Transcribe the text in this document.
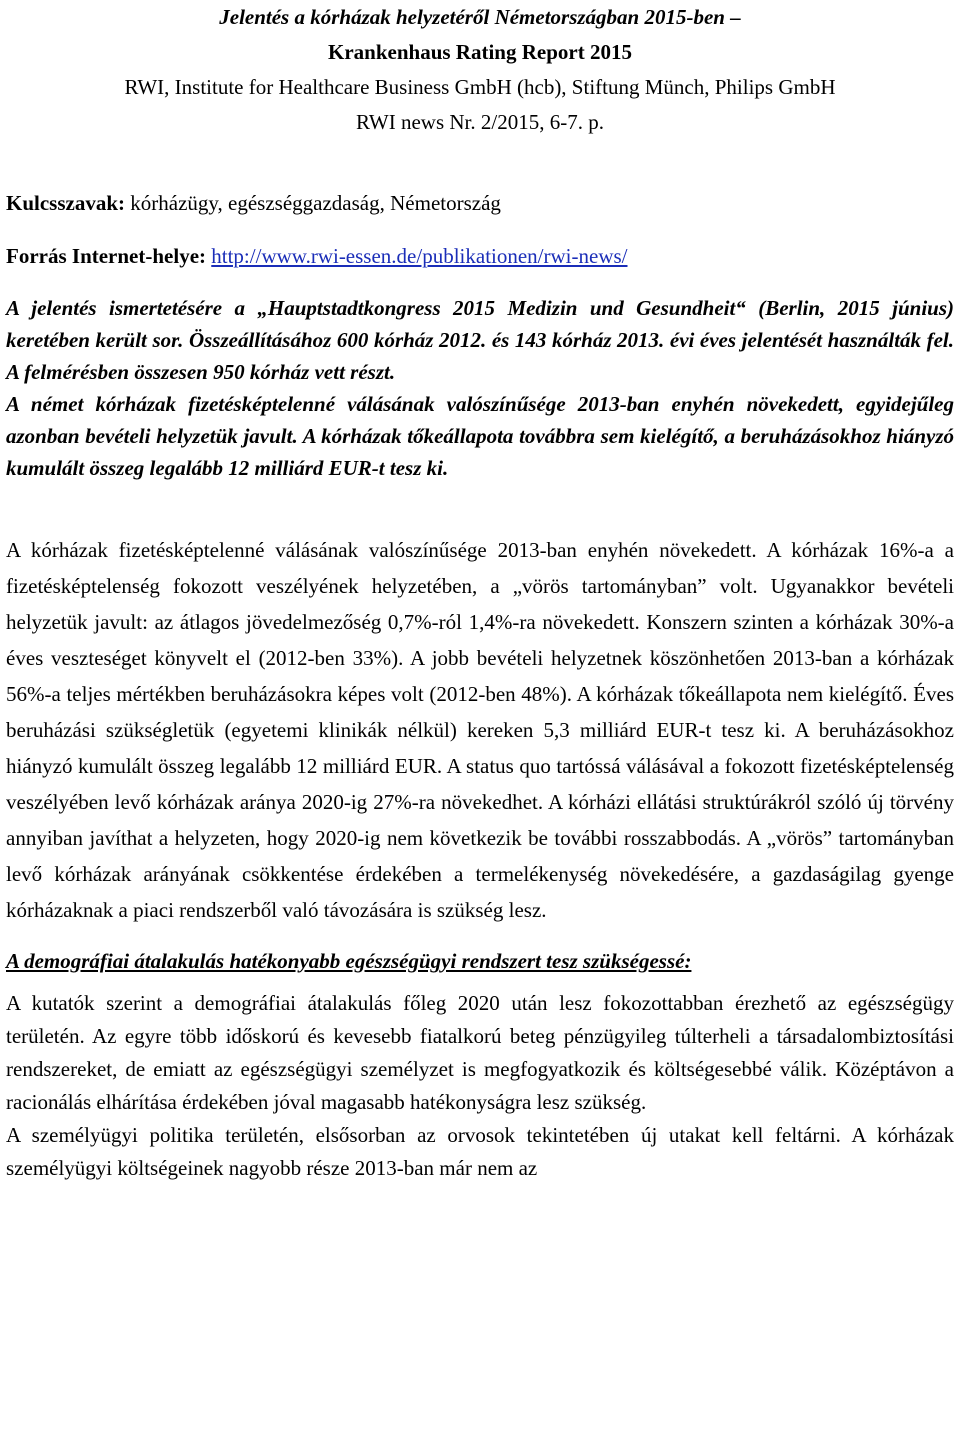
Jelentés a kórházak helyzetéről Németországban 2015-ben –
Krankenhaus Rating Report 2015
RWI, Institute for Healthcare Business GmbH (hcb), Stiftung Münch, Philips GmbH
RWI news Nr. 2/2015, 6-7. p.
Kulcsszavak: kórházügy, egészséggazdaság, Németország
Forrás Internet-helye: http://www.rwi-essen.de/publikationen/rwi-news/

A jelentés ismertetésére a „Hauptstadtkongress 2015 Medizin und Gesundheit“ (Berlin, 2015 június) keretében került sor. Összeállításához 600 kórház 2012. és 143 kórház 2013. évi éves jelentését használták fel. A felmérésben összesen 950 kórház vett részt.

A német kórházak fizetésképtelenné válásának valószínűsége 2013-ban enyhén növekedett, egyidejűleg azonban bevételi helyzetük javult. A kórházak tőkeállapota továbbra sem kielégítő, a beruházásokhoz hiányzó kumulált összeg legalább 12 milliárd EUR-t tesz ki.

A kórházak fizetésképtelenné válásának valószínűsége 2013-ban enyhén növekedett. A kórházak 16%-a a fizetésképtelenség fokozott veszélyének helyzetében, a „vörös tartományban” volt. Ugyanakkor bevételi helyzetük javult: az átlagos jövedelmezőség 0,7%-ról 1,4%-ra növekedett. Konszern szinten a kórházak 30%-a éves veszteséget könyvelt el (2012-ben 33%). A jobb bevételi helyzetnek köszönhetően 2013-ban a kórházak 56%-a teljes mértékben beruházásokra képes volt (2012-ben 48%). A kórházak tőkeállapota nem kielégítő. Éves beruházási szükségletük (egyetemi klinikák nélkül) kereken 5,3 milliárd EUR-t tesz ki. A beruházásokhoz hiányzó kumulált összeg legalább 12 milliárd EUR. A status quo tartóssá válásával a fokozott fizetésképtelenség veszélyében levő kórházak aránya 2020-ig 27%-ra növekedhet. A kórházi ellátási struktúrákról szóló új törvény annyiban javíthat a helyzeten, hogy 2020-ig nem következik be további rosszabbodás. A „vörös” tartományban levő kórházak arányának csökkentése érdekében a termelékenység növekedésére, a gazdaságilag gyenge kórházaknak a piaci rendszerből való távozására is szükség lesz.

A demográfiai átalakulás hatékonyabb egészségügyi rendszert tesz szükségessé:

A kutatók szerint a demográfiai átalakulás főleg 2020 után lesz fokozottabban érezhető az egészségügy területén. Az egyre több időskorú és kevesebb fiatalkorú beteg pénzügyileg túlterheli a társadalombiztosítási rendszereket, de emiatt az egészségügyi személyzet is megfogyatkozik és költségesebbé válik. Középtávon a racionálás elhárítása érdekében jóval magasabb hatékonyságra lesz szükség.

A személyügyi politika területén, elsősorban az orvosok tekintetében új utakat kell feltárni. A kórházak személyügyi költségeinek nagyobb része 2013-ban már nem az
